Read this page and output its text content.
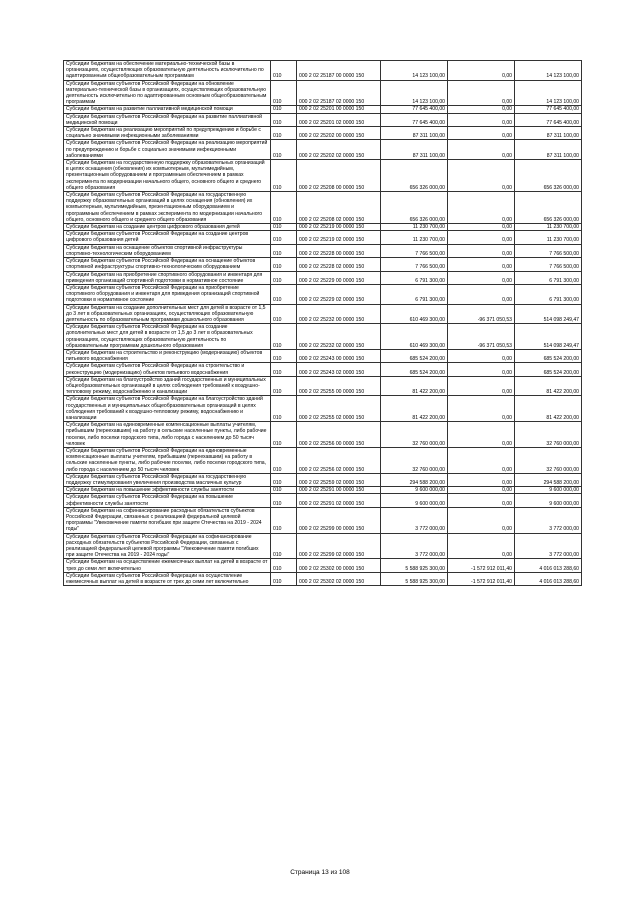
Субсидии бюджетам на обеспечение материально-технической базы в организациях, осуществляющих образовательную деятельность исключительно по адаптированным общеобразовательным программам	010	000 2 02 25187 00 0000 150	14 123 100,00	0,00	14 123 100,00
Субсидии бюджетам субъектов Российской Федерации на обновление материально-технической базы в организациях, осуществляющих образовательную деятельность исключительно по адаптированным основным общеобразовательным программам	010	000 2 02 25187 02 0000 150	14 123 100,00	0,00	14 123 100,00
Субсидии бюджетам на развитие паллиативной медицинской помощи	010	000 2 02 25201 00 0000 150	77 645 400,00	0,00	77 645 400,00
Субсидии бюджетам субъектов Российской Федерации на развитие паллиативной медицинской помощи	010	000 2 02 25201 02 0000 150	77 645 400,00	0,00	77 645 400,00
Субсидии бюджетам на реализацию мероприятий по предупреждению и борьбе с социально значимыми инфекционными заболеваниями	010	000 2 02 25202 00 0000 150	87 311 100,00	0,00	87 311 100,00
Субсидии бюджетам субъектов Российской Федерации на реализацию мероприятий по предупреждению и борьбе с социально значимыми инфекционными заболеваниями	010	000 2 02 25202 02 0000 150	87 311 100,00	0,00	87 311 100,00
Субсидии бюджетам на государственную поддержку образовательных организаций в целях оснащения (обновления) их компьютерным, мультимедийным, презентационным оборудованием и программным обеспечением в рамках эксперимента по модернизации начального общего, основного общего и среднего общего образования	010	000 2 02 25208 00 0000 150	656 326 000,00	0,00	656 326 000,00
Субсидии бюджетам субъектов Российской Федерации на государственную поддержку образовательных организаций в целях оснащения (обновления) их компьютерным, мультимедийным, презентационным оборудованием и программным обеспечением в рамках эксперимента по модернизации начального общего, основного общего и среднего общего образования	010	000 2 02 25208 02 0000 150	656 326 000,00	0,00	656 326 000,00
Субсидии бюджетам на создание центров цифрового образования детей	010	000 2 02 25219 00 0000 150	11 230 700,00	0,00	11 230 700,00
Субсидии бюджетам субъектов Российской Федерации на создание центров цифрового образования детей	010	000 2 02 25219 02 0000 150	11 230 700,00	0,00	11 230 700,00
Субсидии бюджетам на оснащение объектов спортивной инфраструктуры спортивно-технологическим оборудованием	010	000 2 02 25228 00 0000 150	7 766 500,00	0,00	7 766 500,00
Субсидии бюджетам субъектов Российской Федерации на оснащение объектов спортивной инфраструктуры спортивно-технологическим оборудованием	010	000 2 02 25228 02 0000 150	7 766 500,00	0,00	7 766 500,00
Субсидии бюджетам на приобретение спортивного оборудования и инвентаря для приведения организаций спортивной подготовки в нормативное состояние	010	000 2 02 25229 00 0000 150	6 791 300,00	0,00	6 791 300,00
Субсидии бюджетам субъектов Российской Федерации на приобретение спортивного оборудования и инвентаря для приведения организаций спортивной подготовки в нормативное состояние	010	000 2 02 25229 02 0000 150	6 791 300,00	0,00	6 791 300,00
Субсидии бюджетам на создание дополнительных мест для детей в возрасте от 1,5 до 3 лет в образовательных организациях, осуществляющих образовательную деятельность по образовательным программам дошкольного образования	010	000 2 02 25232 00 0000 150	610 469 300,00	-96 371 050,53	514 098 249,47
Субсидии бюджетам субъектов Российской Федерации на создание дополнительных мест для детей в возрасте от 1,5 до 3 лет в образовательных организациях, осуществляющих образовательную деятельность по образовательным программам дошкольного образования	010	000 2 02 25232 02 0000 150	610 469 300,00	-96 371 050,53	514 098 249,47
Субсидии бюджетам на строительство и реконструкцию (модернизацию) объектов питьевого водоснабжения	010	000 2 02 25243 00 0000 150	685 524 200,00	0,00	685 524 200,00
Субсидии бюджетам субъектов Российской Федерации на строительство и реконструкцию (модернизацию) объектов питьевого водоснабжения	010	000 2 02 25243 02 0000 150	685 524 200,00	0,00	685 524 200,00
Субсидии бюджетам на благоустройство зданий государственных и муниципальных общеобразовательных организаций в целях соблюдения требований к воздушно-тепловому режиму, водоснабжению и канализации	010	000 2 02 25255 00 0000 150	81 422 200,00	0,00	81 422 200,00
Субсидии бюджетам субъектов Российской Федерации на благоустройство зданий государственных и муниципальных общеобразовательных организаций в целях соблюдения требований к воздушно-тепловому режиму, водоснабжению и канализации	010	000 2 02 25255 02 0000 150	81 422 200,00	0,00	81 422 200,00
Субсидии бюджетам на единовременные компенсационные выплаты учителям, прибывшим (переехавшим) на работу в сельские населенные пункты, либо рабочие поселки, либо поселки городского типа, либо города с населением до 50 тысяч человек	010	000 2 02 25256 00 0000 150	32 760 000,00	0,00	32 760 000,00
Субсидии бюджетам субъектов Российской Федерации на единовременные компенсационные выплаты учителям, прибывшим (переехавшим) на работу в сельские населенные пункты, либо рабочие поселки, либо поселки городского типа, либо города с населением до 50 тысяч человек	010	000 2 02 25256 02 0000 150	32 760 000,00	0,00	32 760 000,00
Субсидии бюджетам субъектов Российской Федерации на государственную поддержку стимулирования увеличения производства масличных культур	010	000 2 02 25259 02 0000 150	294 588 200,00	0,00	294 588 200,00
Субсидии бюджетам на повышение эффективности службы занятости	010	000 2 02 25291 00 0000 150	9 600 000,00	0,00	9 600 000,00
Субсидии бюджетам субъектов Российской Федерации на повышение эффективности службы занятости	010	000 2 02 25291 02 0000 150	9 600 000,00	0,00	9 600 000,00
Субсидии бюджетам на софинансирование расходных обязательств субъектов Российской Федерации, связанных с реализацией федеральной целевой программы "Увековечение памяти погибших при защите Отечества на 2019 - 2024 годы"	010	000 2 02 25299 00 0000 150	3 772 000,00	0,00	3 772 000,00
Субсидии бюджетам субъектов Российской Федерации на софинансирование расходных обязательств субъектов Российской Федерации, связанных с реализацией федеральной целевой программы "Увековечение памяти погибших при защите Отечества на 2019 - 2024 годы"	010	000 2 02 25299 02 0000 150	3 772 000,00	0,00	3 772 000,00
Субсидии бюджетам на осуществление ежемесячных выплат на детей в возрасте от трех до семи лет включительно	010	000 2 02 25302 00 0000 150	5 588 925 300,00	-1 572 912 011,40	4 016 013 288,60
Субсидии бюджетам субъектов Российской Федерации на осуществление ежемесячных выплат на детей в возрасте от трех до семи лет включительно	010	000 2 02 25302 02 0000 150	5 588 925 300,00	-1 572 912 011,40	4 016 013 288,60
Страница 13 из 108
